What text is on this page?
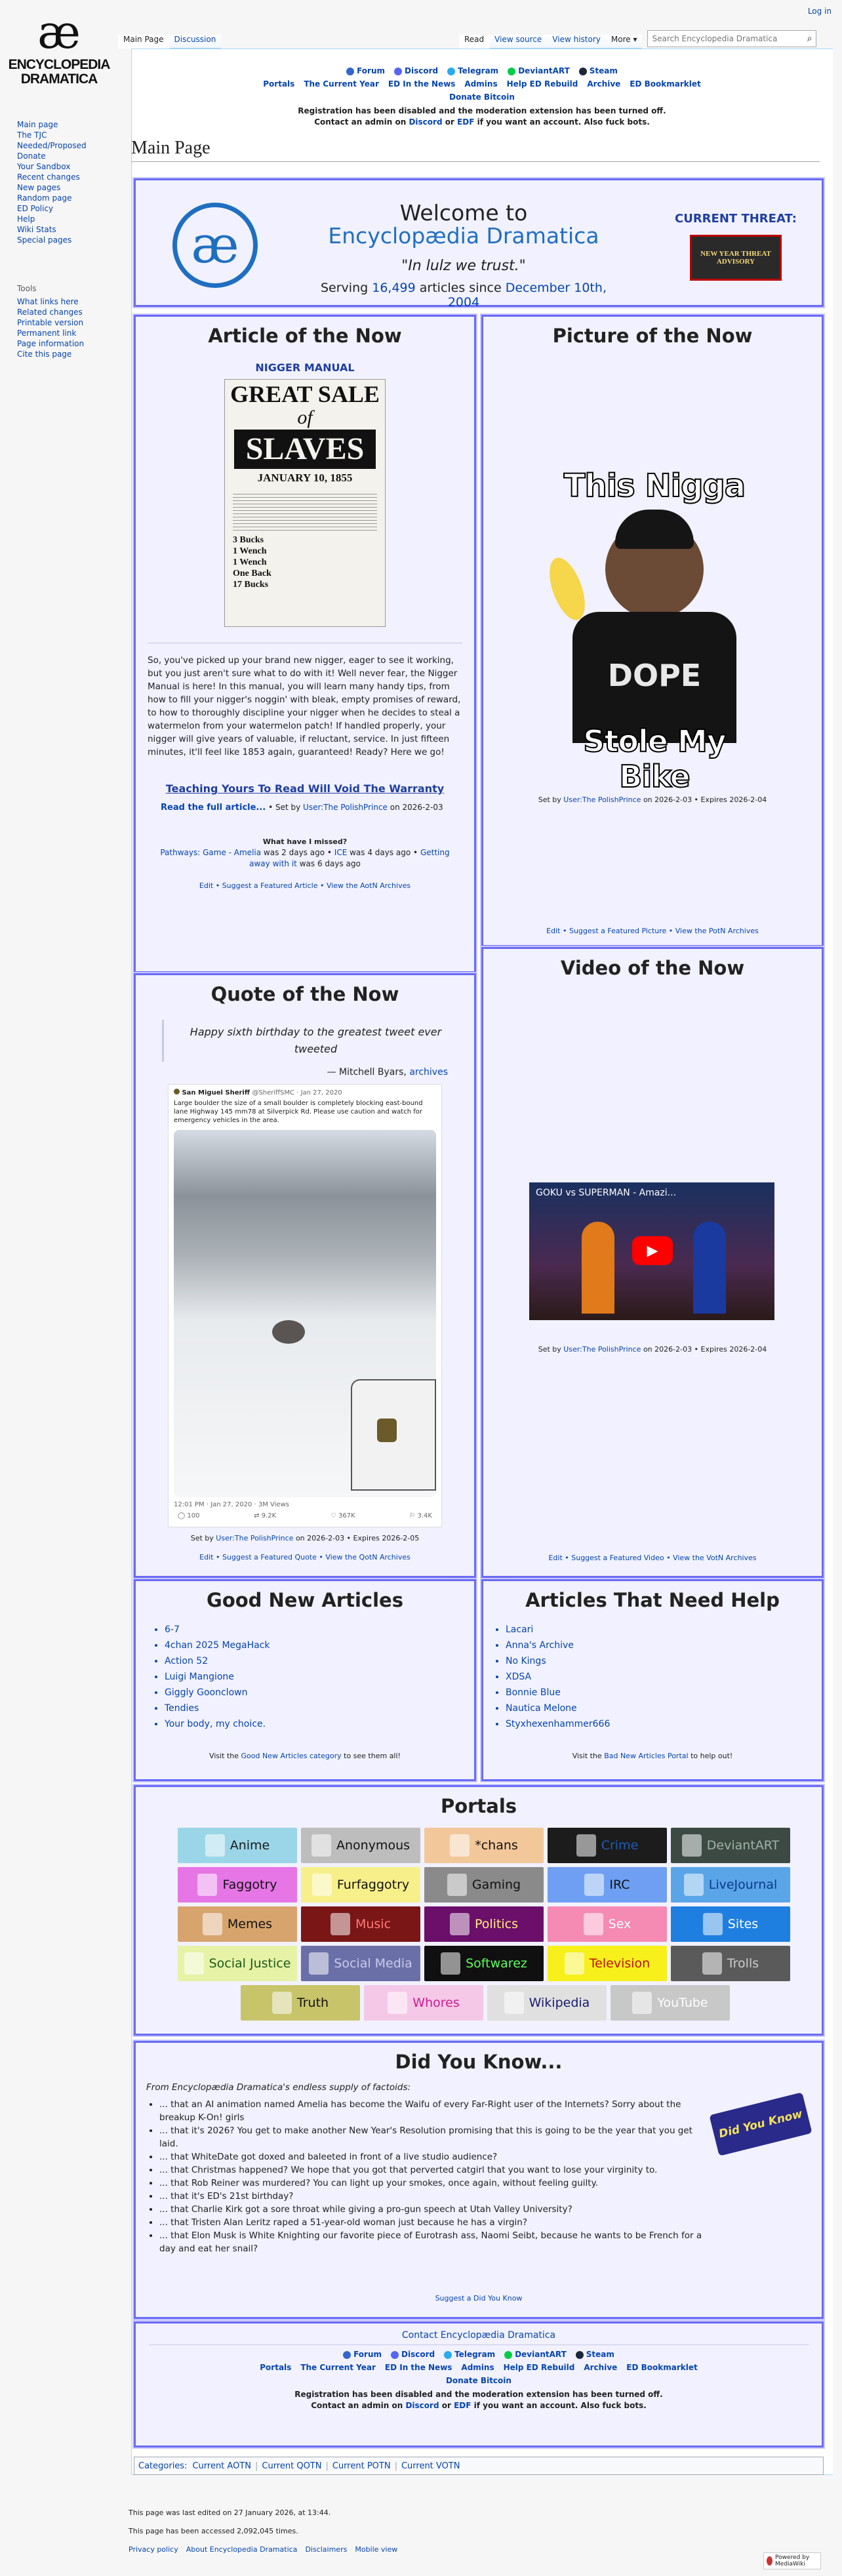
æ
ENCYCLOPEDIA
DRAMATICA
Main page
The TJC
Needed/Proposed
Donate
Your Sandbox
Recent changes
New pages
Random page
ED Policy
Help
Wiki Stats
Special pages
Tools
What links here
Related changes
Printable version
Permanent link
Page information
Cite this page
Log in
Main Page	Discussion	Read	View source	View history	More ▾
Search Encyclopedia Dramatica	⌕
Forum	Discord	Telegram	DeviantART	Steam
Portals The Current Year ED In the News Admins Help ED Rebuild Archive ED Bookmarklet
Donate Bitcoin
Registration has been disabled and the moderation extension has been turned off.
Contact an admin on Discord or EDF if you want an account. Also fuck bots.
Main Page
æ
Welcome to
Encyclopædia Dramatica
"In lulz we trust."
Serving 16,499 articles since December 10th, 2004
CURRENT THREAT:
NEW YEAR THREAT ADVISORY
Article of the Now
NIGGER MANUAL
GREAT SALE
of
SLAVES
JANUARY 10, 1855
3 Bucks
1 Wench
1 Wench
One Back
17 Bucks
So, you've picked up your brand new nigger, eager to see it working, but you just aren't sure what to do with it! Well never fear, the Nigger Manual is here! In this manual, you will learn many handy tips, from how to fill your nigger's noggin' with bleak, empty promises of reward, to how to thoroughly discipline your nigger when he decides to steal a watermelon from your watermelon patch! If handled properly, your nigger will give years of valuable, if reluctant, service. In just fifteen minutes, it'll feel like 1853 again, guaranteed! Ready? Here we go!
Teaching Yours To Read Will Void The Warranty
Read the full article... • Set by User:The PolishPrince on 2026-2-03
What have I missed?
Pathways: Game - Amelia was 2 days ago • ICE was 4 days ago • Getting away with it was 6 days ago
Edit • Suggest a Featured Article • View the AotN Archives
Picture of the Now
This Nigga
DOPE
Stole My Bike
Set by User:The PolishPrince on 2026-2-03 • Expires 2026-2-04
Edit • Suggest a Featured Picture • View the PotN Archives
Quote of the Now
Happy sixth birthday to the greatest tweet ever tweeted
— Mitchell Byars, archives
San Miguel Sheriff @SheriffSMC · Jan 27, 2020
Large boulder the size of a small boulder is completely blocking east-bound lane Highway 145 mm78 at Silverpick Rd. Please use caution and watch for emergency vehicles in the area.
12:01 PM · Jan 27, 2020 · 3M Views
◯ 100	⇄ 9.2K	♡ 367K	⚐ 3.4K
Set by User:The PolishPrince on 2026-2-03 • Expires 2026-2-05
Edit • Suggest a Featured Quote • View the QotN Archives
Video of the Now
GOKU vs SUPERMAN - Amazi...
▶
Set by User:The PolishPrince on 2026-2-03 • Expires 2026-2-04
Edit • Suggest a Featured Video • View the VotN Archives
Good New Articles
• 6-7
• 4chan 2025 MegaHack
• Action 52
• Luigi Mangione
• Giggly Goonclown
• Tendies
• Your body, my choice.
Visit the Good New Articles category to see them all!
Articles That Need Help
• Lacari
• Anna's Archive
• No Kings
• XDSA
• Bonnie Blue
• Nautica Melone
• Styxhexenhammer666
Visit the Bad New Articles Portal to help out!
Portals
Anime	Anonymous	*chans	Crime	DeviantART
Faggotry	Furfaggotry	Gaming	IRC	LiveJournal
Memes	Music	Politics	Sex	Sites
Social Justice	Social Media	Softwarez	Television	Trolls
Truth	Whores	Wikipedia	YouTube
Did You Know...
From Encyclopædia Dramatica's endless supply of factoids:
Did You Know
• ... that an AI animation named Amelia has become the Waifu of every Far-Right user of the Internets? Sorry about the breakup K-On! girls
• ... that it's 2026? You get to make another New Year's Resolution promising that this is going to be the year that you get laid.
• ... that WhiteDate got doxed and baleeted in front of a live studio audience?
• ... that Christmas happened? We hope that you got that perverted catgirl that you want to lose your virginity to.
• ... that Rob Reiner was murdered? You can light up your smokes, once again, without feeling guilty.
• ... that it's ED's 21st birthday?
• ... that Charlie Kirk got a sore throat while giving a pro-gun speech at Utah Valley University?
• ... that Tristen Alan Leritz raped a 51-year-old woman just because he has a virgin?
• ... that Elon Musk is White Knighting our favorite piece of Eurotrash ass, Naomi Seibt, because he wants to be French for a day and eat her snail?
Suggest a Did You Know
Contact Encyclopædia Dramatica
Forum	Discord	Telegram	DeviantART	Steam
Portals The Current Year ED In the News Admins Help ED Rebuild Archive ED Bookmarklet
Donate Bitcoin
Registration has been disabled and the moderation extension has been turned off.
Contact an admin on Discord or EDF if you want an account. Also fuck bots.
Categories: Current AOTN | Current QOTN | Current POTN | Current VOTN
This page was last edited on 27 January 2026, at 13:44.
This page has been accessed 2,092,045 times.
Privacy policy About Encyclopedia Dramatica Disclaimers Mobile view
Powered by MediaWiki
